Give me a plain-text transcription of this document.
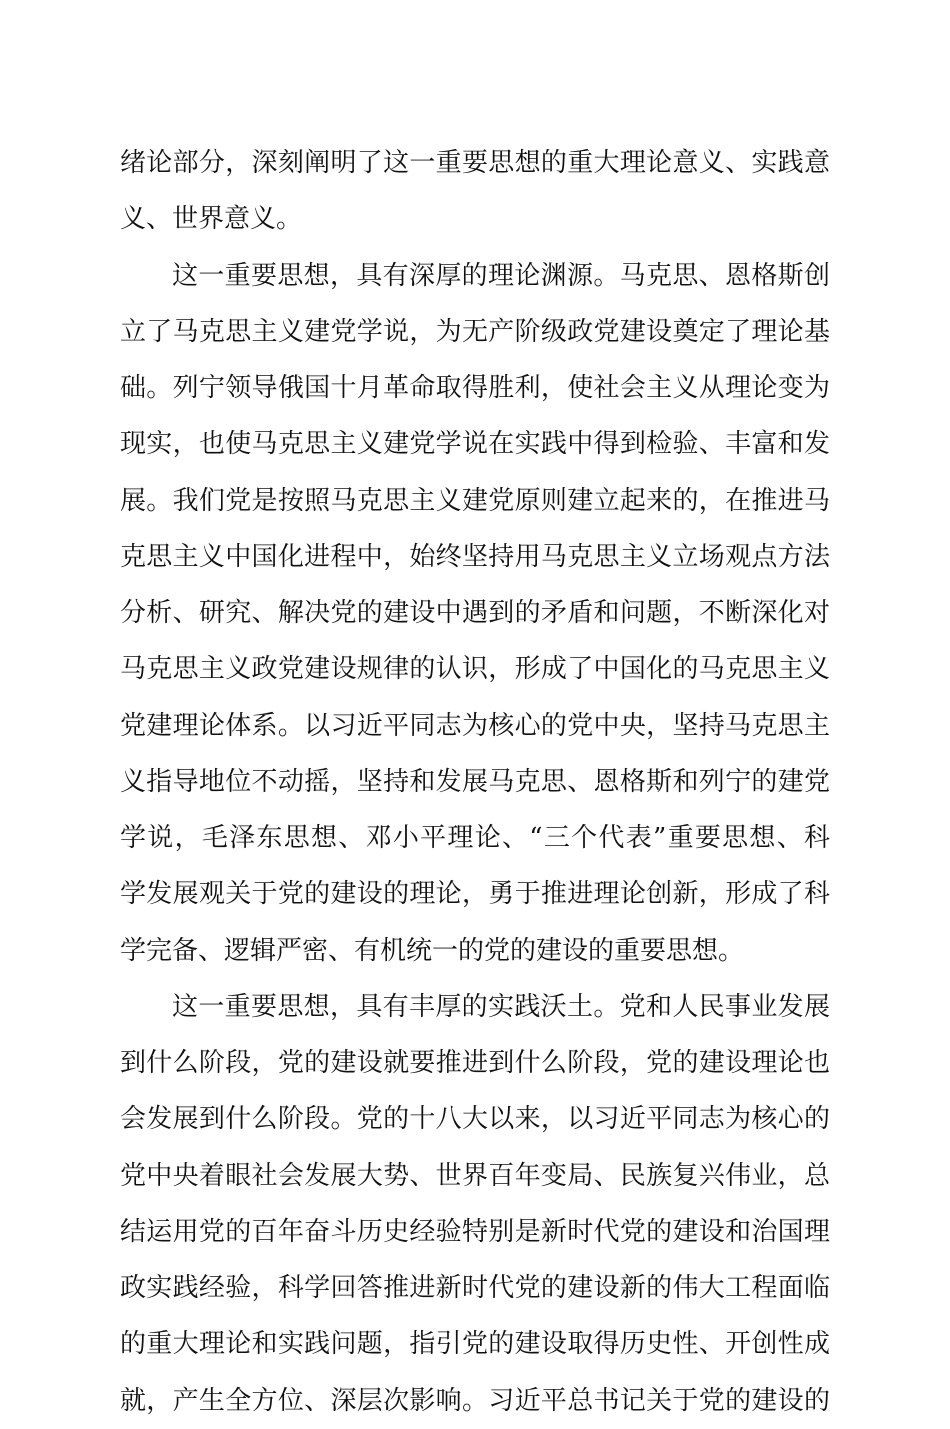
绪论部分，深刻阐明了这一重要思想的重大理论意义、实践意
义、世界意义。
这一重要思想，具有深厚的理论渊源。马克思、恩格斯创
立了马克思主义建党学说，为无产阶级政党建设奠定了理论基
础。列宁领导俄国十月革命取得胜利，使社会主义从理论变为
现实，也使马克思主义建党学说在实践中得到检验、丰富和发
展。我们党是按照马克思主义建党原则建立起来的，在推进马
克思主义中国化进程中，始终坚持用马克思主义立场观点方法
分析、研究、解决党的建设中遇到的矛盾和问题，不断深化对
马克思主义政党建设规律的认识，形成了中国化的马克思主义
党建理论体系。以习近平同志为核心的党中央，坚持马克思主
义指导地位不动摇，坚持和发展马克思、恩格斯和列宁的建党
学说，毛泽东思想、邓小平理论、“三个代表”重要思想、科
学发展观关于党的建设的理论，勇于推进理论创新，形成了科
学完备、逻辑严密、有机统一的党的建设的重要思想。
这一重要思想，具有丰厚的实践沃土。党和人民事业发展
到什么阶段，党的建设就要推进到什么阶段，党的建设理论也
会发展到什么阶段。党的十八大以来，以习近平同志为核心的
党中央着眼社会发展大势、世界百年变局、民族复兴伟业，总
结运用党的百年奋斗历史经验特别是新时代党的建设和治国理
政实践经验，科学回答推进新时代党的建设新的伟大工程面临
的重大理论和实践问题，指引党的建设取得历史性、开创性成
就，产生全方位、深层次影响。习近平总书记关于党的建设的
